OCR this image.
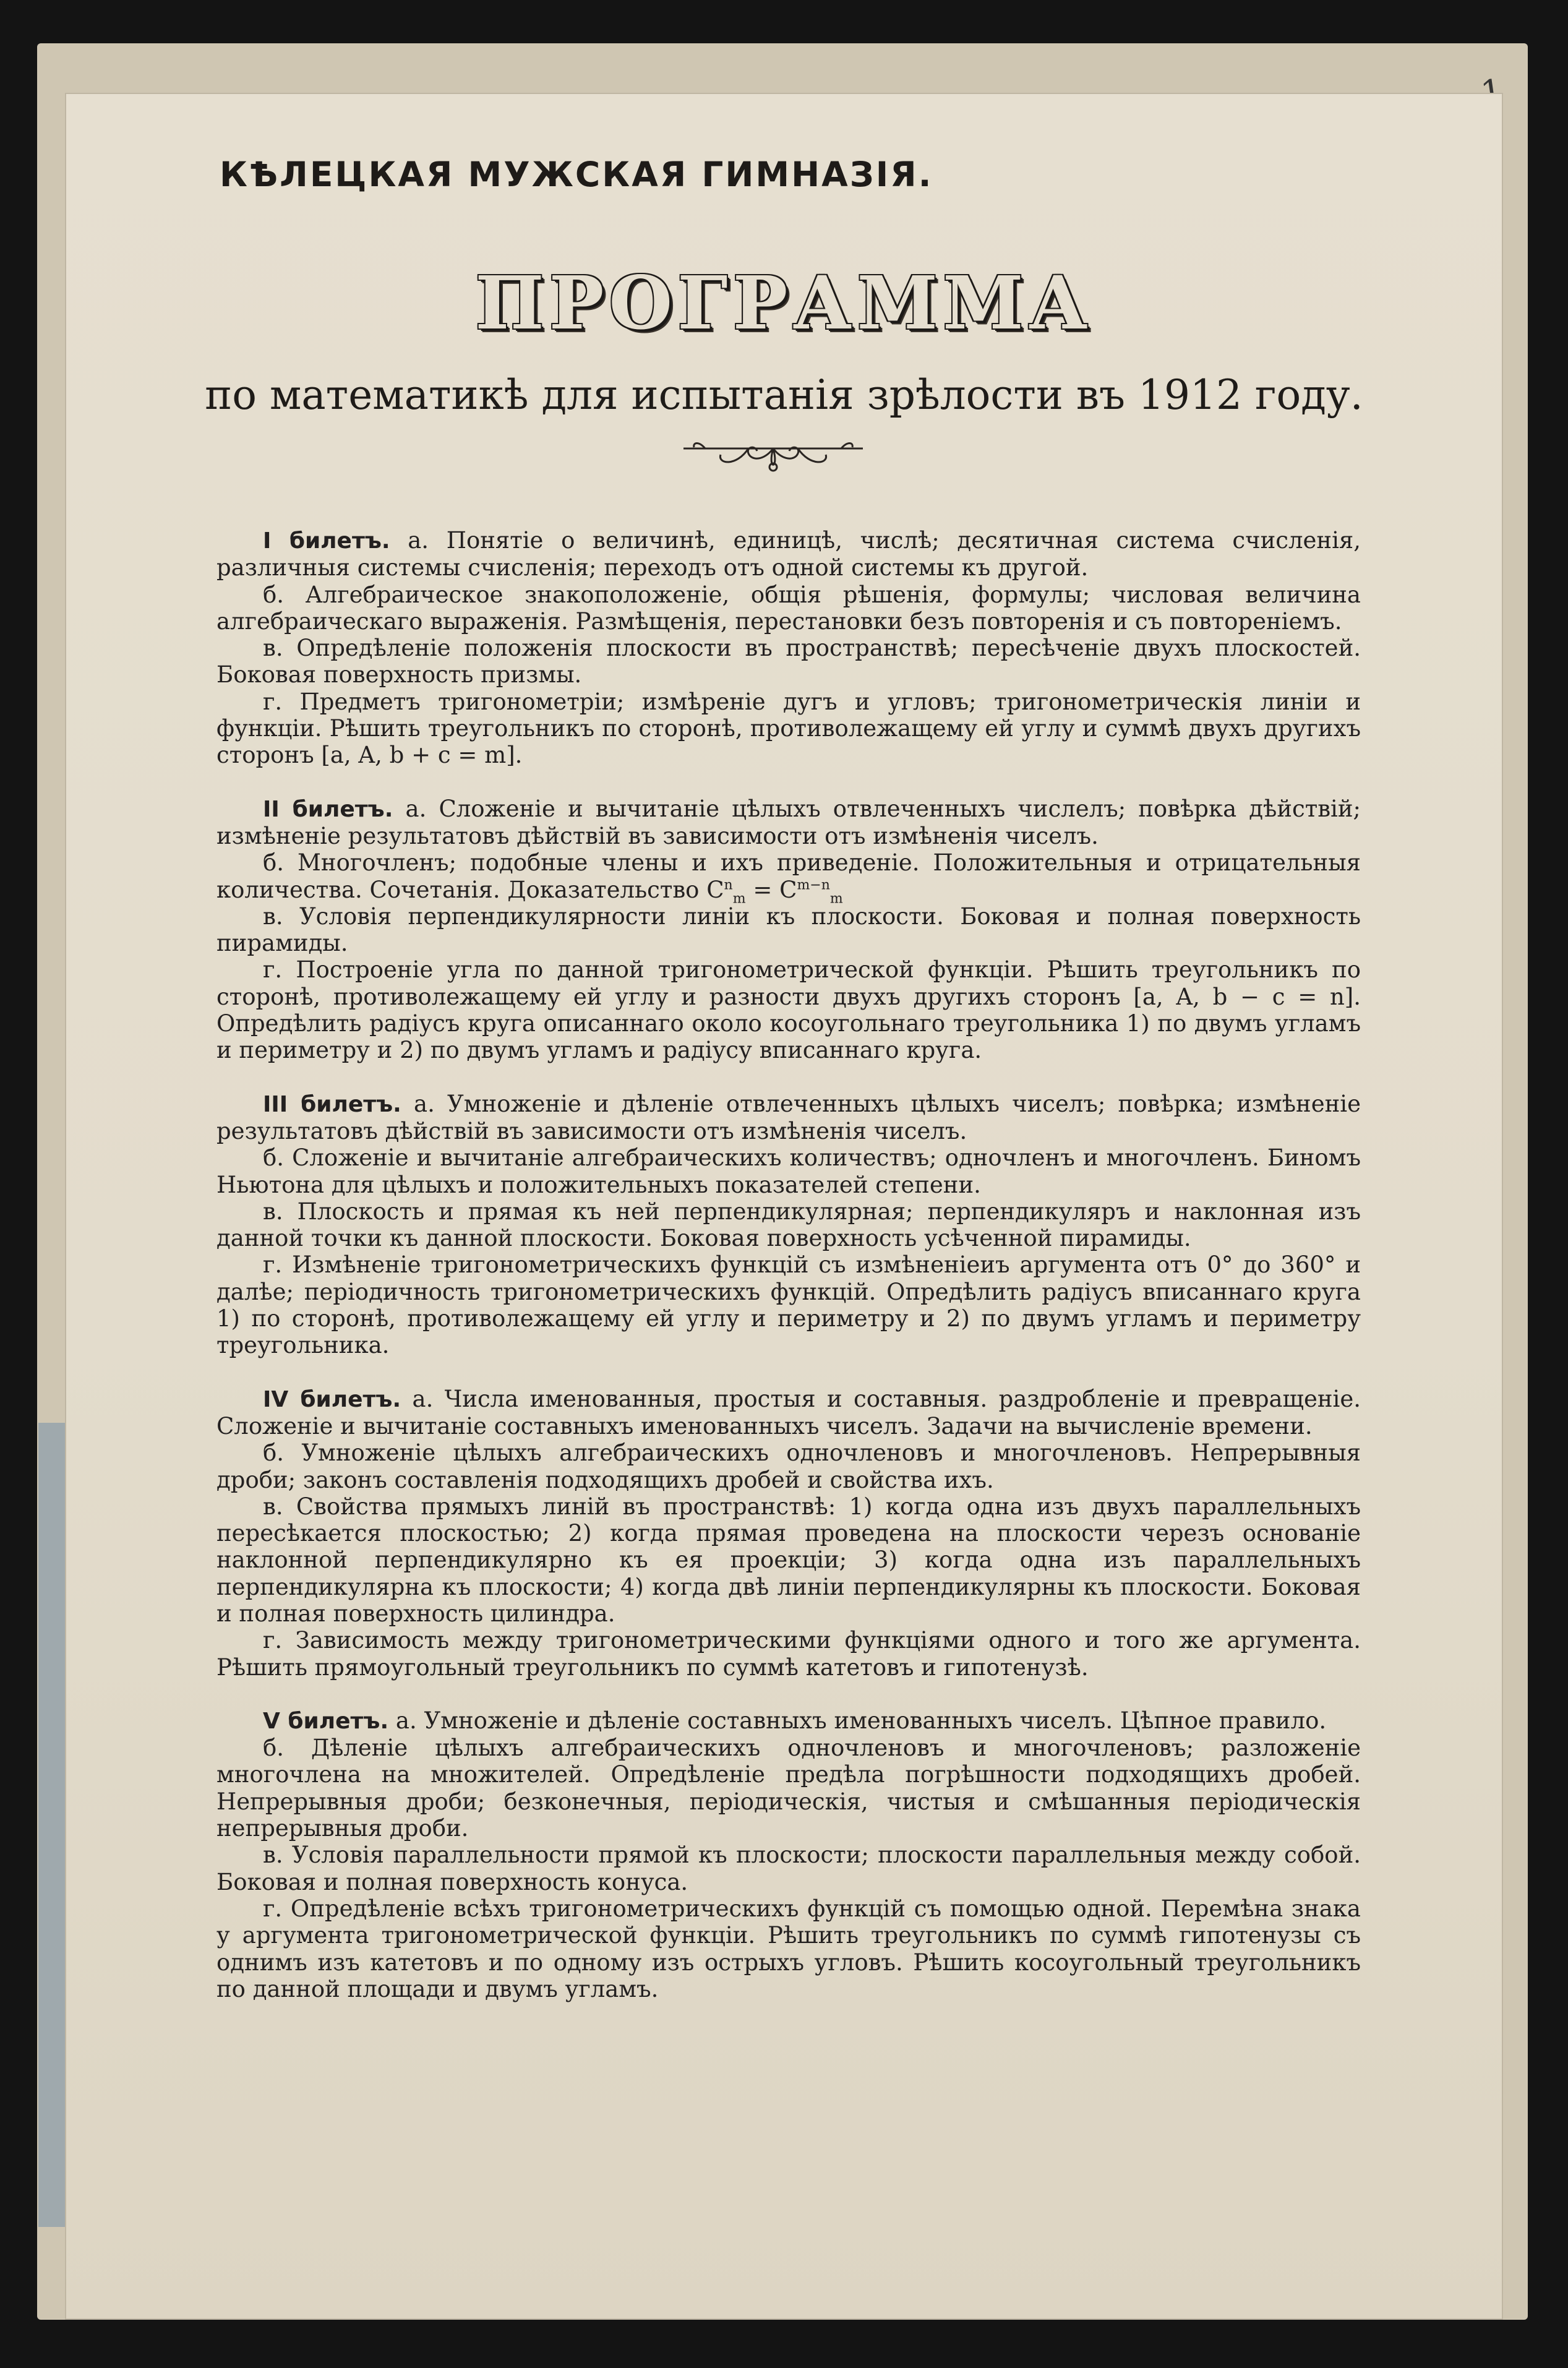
КѢЛЕЦКАЯ МУЖСКАЯ ГИМНАЗІЯ.
ПРОГРАММА

по математикѣ для испытанія зрѣлости въ 1912 году.

I билетъ. а. Понятіе о величинѣ, единицѣ, числѣ; десятичная система счисленія, различныя системы счисленія; переходъ отъ одной системы къ другой.

б. Алгебраическое знакоположеніе, общія рѣшенія, формулы; числовая величина алгебраическаго выраженія. Размѣщенія, перестановки безъ повторенія и съ повтореніемъ.

в. Опредѣленіе положенія плоскости въ пространствѣ; пересѣченіе двухъ плоскостей. Боковая поверхность призмы.

г. Предметъ тригонометріи; измѣреніе дугъ и угловъ; тригонометрическія линіи и функціи. Рѣшить треугольникъ по сторонѣ, противолежащему ей углу и суммѣ двухъ другихъ сторонъ [a, A, b + c = m].

II билетъ. а. Сложеніе и вычитаніе цѣлыхъ отвлеченныхъ числелъ; повѣрка дѣйствій; измѣненіе результатовъ дѣйствій въ зависимости отъ измѣненія чиселъ.

б. Многочленъ; подобные члены и ихъ приведеніе. Положительныя и отрицательныя количества. Сочетанія. Доказательство $C^n_m = C^{m-n}_m$

в. Условія перпендикулярности линіи къ плоскости. Боковая и полная поверхность пирамиды.

г. Построеніе угла по данной тригонометрической функціи. Рѣшить треугольникъ по сторонѣ, противолежащему ей углу и разности двухъ другихъ сторонъ [a, A, b − c = n]. Опредѣлить радіусъ круга описаннаго около косоугольнаго треугольника 1) по двумъ угламъ и периметру и 2) по двумъ угламъ и радіусу вписаннаго круга.

III билетъ. а. Умноженіе и дѣленіе отвлеченныхъ цѣлыхъ чиселъ; повѣрка; измѣненіе результатовъ дѣйствій въ зависимости отъ измѣненія чиселъ.

б. Сложеніе и вычитаніе алгебраическихъ количествъ; одночленъ и многочленъ. Биномъ Ньютона для цѣлыхъ и положительныхъ показателей степени.

в. Плоскость и прямая къ ней перпендикулярная; перпендикуляръ и наклонная изъ данной точки къ данной плоскости. Боковая поверхность усѣченной пирамиды.

г. Измѣненіе тригонометрическихъ функцій съ измѣненіеиъ аргумента отъ 0° до 360° и далѣе; періодичность тригонометрическихъ функцій. Опредѣлить радіусъ вписаннаго круга 1) по сторонѣ, противолежащему ей углу и периметру и 2) по двумъ угламъ и периметру треугольника.

IV билетъ. а. Числа именованныя, простыя и составныя. раздробленіе и превращеніе. Сложеніе и вычитаніе составныхъ именованныхъ чиселъ. Задачи на вычисленіе времени.

б. Умноженіе цѣлыхъ алгебраическихъ одночленовъ и многочленовъ. Непрерывныя дроби; законъ составленія подходящихъ дробей и свойства ихъ.

в. Свойства прямыхъ линій въ пространствѣ: 1) когда одна изъ двухъ параллельныхъ пересѣкается плоскостью; 2) когда прямая проведена на плоскости черезъ основаніе наклонной перпендикулярно къ ея проекціи; 3) когда одна изъ параллельныхъ перпендикулярна къ плоскости; 4) когда двѣ линіи перпендикулярны къ плоскости. Боковая и полная поверхность цилиндра.

г. Зависимость между тригонометрическими функціями одного и того же аргумента. Рѣшить прямоугольный треугольникъ по суммѣ катетовъ и гипотенузѣ.

V билетъ. а. Умноженіе и дѣленіе составныхъ именованныхъ чиселъ. Цѣпное правило.

б. Дѣленіе цѣлыхъ алгебраическихъ одночленовъ и многочленовъ; разложеніе многочлена на множителей. Опредѣленіе предѣла погрѣшности подходящихъ дробей. Непрерывныя дроби; безконечныя, періодическія, чистыя и смѣшанныя періодическія непрерывныя дроби.

в. Условія параллельности прямой къ плоскости; плоскости параллельныя между собой. Боковая и полная поверхность конуса.

г. Опредѣленіе всѣхъ тригонометрическихъ функцій съ помощью одной. Перемѣна знака у аргумента тригонометрической функціи. Рѣшить треугольникъ по суммѣ гипотенузы съ однимъ изъ катетовъ и по одному изъ острыхъ угловъ. Рѣшить косоугольный треугольникъ по данной площади и двумъ угламъ.
